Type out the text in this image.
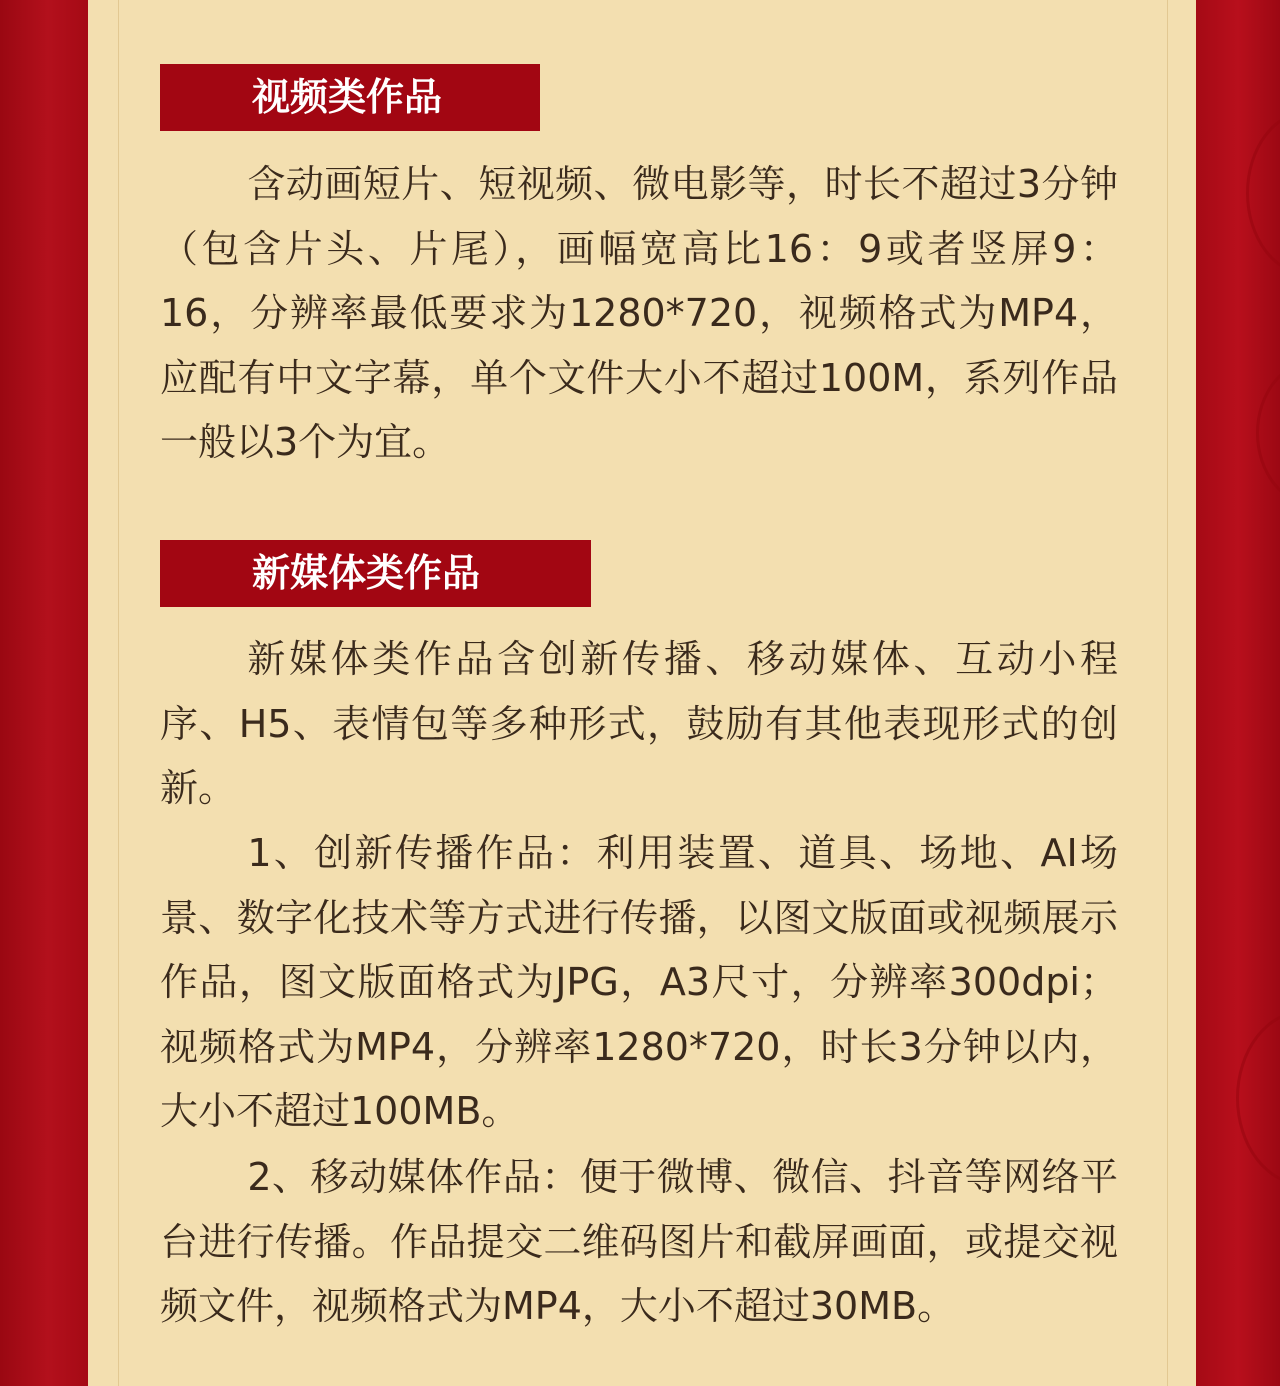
视频类作品

含动画短片、短视频、微电影等，时长不超过3分钟（包含片头、片尾），画幅宽高比16：9或者竖屏9：16，分辨率最低要求为1280*720，视频格式为MP4，应配有中文字幕，单个文件大小不超过100M，系列作品一般以3个为宜。

新媒体类作品

新媒体类作品含创新传播、移动媒体、互动小程序、H5、表情包等多种形式，鼓励有其他表现形式的创新。

1、创新传播作品：利用装置、道具、场地、AI场景、数字化技术等方式进行传播，以图文版面或视频展示作品，图文版面格式为JPG，A3尺寸，分辨率300dpi；视频格式为MP4，分辨率1280*720，时长3分钟以内，大小不超过100MB。

2、移动媒体作品：便于微博、微信、抖音等网络平台进行传播。作品提交二维码图片和截屏画面，或提交视频文件，视频格式为MP4，大小不超过30MB。
